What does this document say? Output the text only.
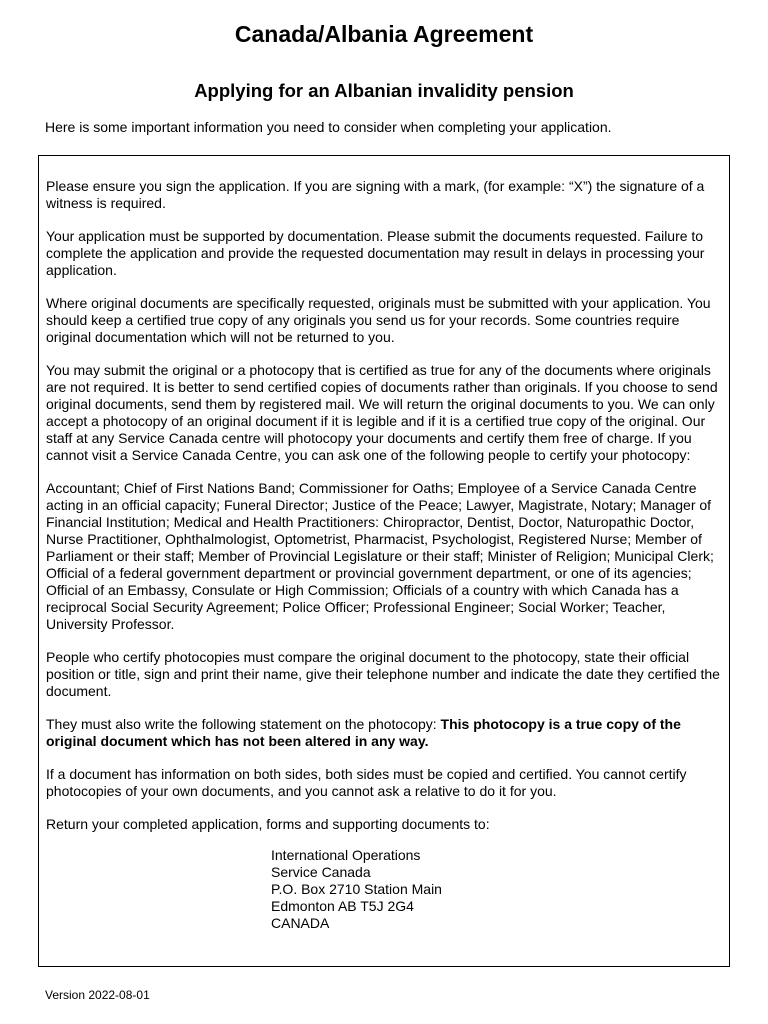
Canada/Albania Agreement
Applying for an Albanian invalidity pension

Here is some important information you need to consider when completing your application.

Please ensure you sign the application. If you are signing with a mark, (for example: “X”) the signature of a witness is required.

Your application must be supported by documentation. Please submit the documents requested. Failure to complete the application and provide the requested documentation may result in delays in processing your application.

Where original documents are specifically requested, originals must be submitted with your application. You should keep a certified true copy of any originals you send us for your records. Some countries require original documentation which will not be returned to you.

You may submit the original or a photocopy that is certified as true for any of the documents where originals are not required. It is better to send certified copies of documents rather than originals. If you choose to send original documents, send them by registered mail. We will return the original documents to you. We can only accept a photocopy of an original document if it is legible and if it is a certified true copy of the original. Our staff at any Service Canada centre will photocopy your documents and certify them free of charge. If you cannot visit a Service Canada Centre, you can ask one of the following people to certify your photocopy:

Accountant; Chief of First Nations Band; Commissioner for Oaths; Employee of a Service Canada Centre acting in an official capacity; Funeral Director; Justice of the Peace; Lawyer, Magistrate, Notary; Manager of Financial Institution; Medical and Health Practitioners: Chiropractor, Dentist, Doctor, Naturopathic Doctor, Nurse Practitioner, Ophthalmologist, Optometrist, Pharmacist, Psychologist, Registered Nurse; Member of Parliament or their staff; Member of Provincial Legislature or their staff; Minister of Religion; Municipal Clerk; Official of a federal government department or provincial government department, or one of its agencies; Official of an Embassy, Consulate or High Commission; Officials of a country with which Canada has a reciprocal Social Security Agreement; Police Officer; Professional Engineer; Social Worker; Teacher, University Professor.

People who certify photocopies must compare the original document to the photocopy, state their official position or title, sign and print their name, give their telephone number and indicate the date they certified the document.

They must also write the following statement on the photocopy: This photocopy is a true copy of the original document which has not been altered in any way.

If a document has information on both sides, both sides must be copied and certified. You cannot certify photocopies of your own documents, and you cannot ask a relative to do it for you.

Return your completed application, forms and supporting documents to:

International Operations
Service Canada
P.O. Box 2710 Station Main
Edmonton AB T5J 2G4
CANADA

Version 2022-08-01
